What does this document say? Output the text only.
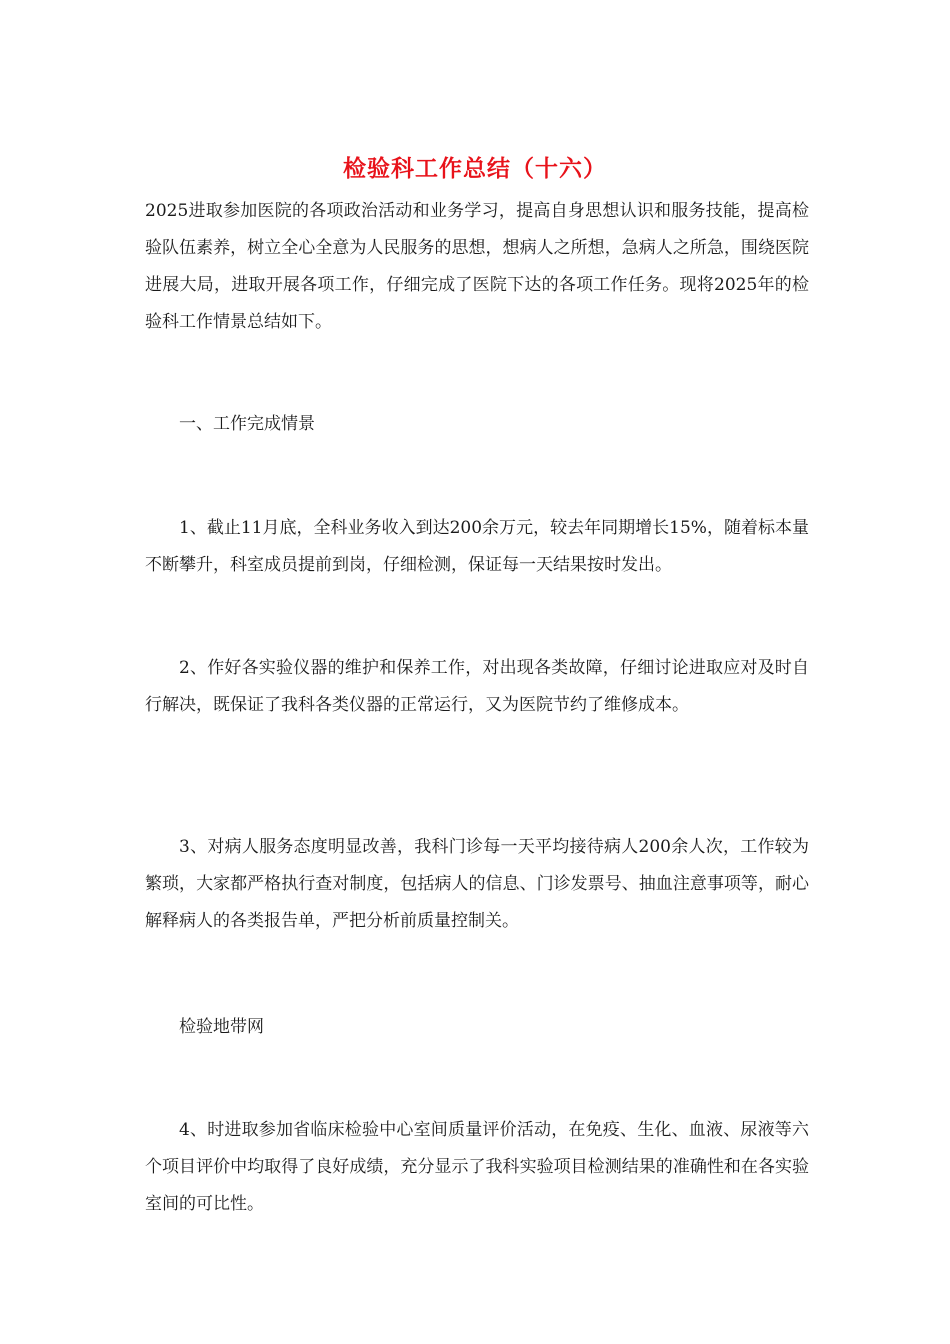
检验科工作总结（十六）

2025进取参加医院的各项政治活动和业务学习，提高自身思想认识和服务技能，提高检验队伍素养，树立全心全意为人民服务的思想，想病人之所想，急病人之所急，围绕医院进展大局，进取开展各项工作，仔细完成了医院下达的各项工作任务。现将2025年的检验科工作情景总结如下。

一、工作完成情景

1、截止11月底，全科业务收入到达200余万元，较去年同期增长15%，随着标本量不断攀升，科室成员提前到岗，仔细检测，保证每一天结果按时发出。

2、作好各实验仪器的维护和保养工作，对出现各类故障，仔细讨论进取应对及时自行解决，既保证了我科各类仪器的正常运行，又为医院节约了维修成本。

3、对病人服务态度明显改善，我科门诊每一天平均接待病人200余人次，工作较为繁琐，大家都严格执行查对制度，包括病人的信息、门诊发票号、抽血注意事项等，耐心解释病人的各类报告单，严把分析前质量控制关。

检验地带网

4、时进取参加省临床检验中心室间质量评价活动，在免疫、生化、血液、尿液等六个项目评价中均取得了良好成绩，充分显示了我科实验项目检测结果的准确性和在各实验室间的可比性。
